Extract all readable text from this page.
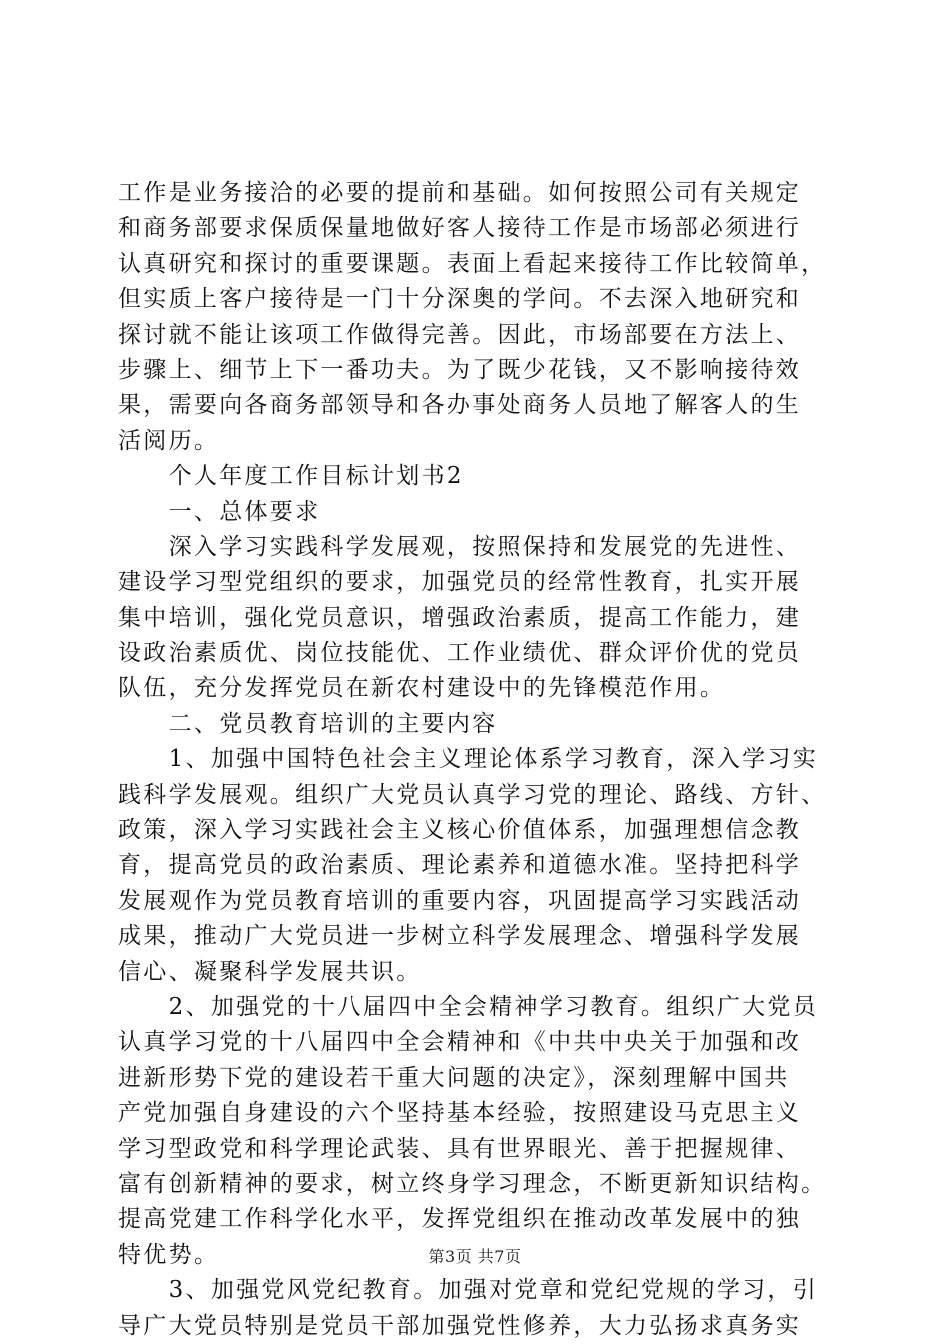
工作是业务接洽的必要的提前和基础。如何按照公司有关规定
和商务部要求保质保量地做好客人接待工作是市场部必须进行
认真研究和探讨的重要课题。表面上看起来接待工作比较简单，
但实质上客户接待是一门十分深奥的学问。不去深入地研究和
探讨就不能让该项工作做得完善。因此，市场部要在方法上、
步骤上、细节上下一番功夫。为了既少花钱，又不影响接待效
果，需要向各商务部领导和各办事处商务人员地了解客人的生
活阅历。
　　个人年度工作目标计划书2
　　一、总体要求
　　深入学习实践科学发展观，按照保持和发展党的先进性、
建设学习型党组织的要求，加强党员的经常性教育，扎实开展
集中培训，强化党员意识，增强政治素质，提高工作能力，建
设政治素质优、岗位技能优、工作业绩优、群众评价优的党员
队伍，充分发挥党员在新农村建设中的先锋模范作用。
　　二、党员教育培训的主要内容
　　1、加强中国特色社会主义理论体系学习教育，深入学习实
践科学发展观。组织广大党员认真学习党的理论、路线、方针、
政策，深入学习实践社会主义核心价值体系，加强理想信念教
育，提高党员的政治素质、理论素养和道德水准。坚持把科学
发展观作为党员教育培训的重要内容，巩固提高学习实践活动
成果，推动广大党员进一步树立科学发展理念、增强科学发展
信心、凝聚科学发展共识。
　　2、加强党的十八届四中全会精神学习教育。组织广大党员
认真学习党的十八届四中全会精神和《中共中央关于加强和改
进新形势下党的建设若干重大问题的决定》，深刻理解中国共
产党加强自身建设的六个坚持基本经验，按照建设马克思主义
学习型政党和科学理论武装、具有世界眼光、善于把握规律、
富有创新精神的要求，树立终身学习理念，不断更新知识结构。
提高党建工作科学化水平，发挥党组织在推动改革发展中的独
特优势。
　　3、加强党风党纪教育。加强对党章和党纪党规的学习，引
导广大党员特别是党员干部加强党性修养，大力弘扬求真务实
第3页 共7页
